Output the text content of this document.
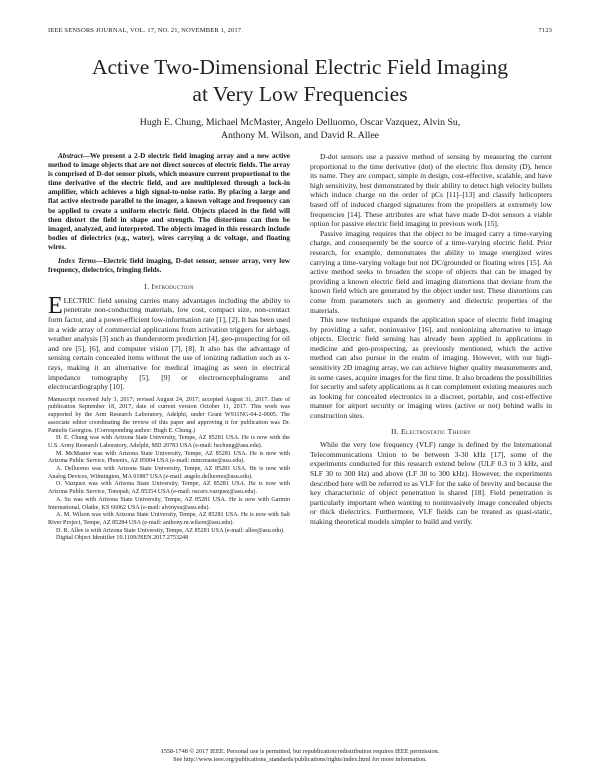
IEEE SENSORS JOURNAL, VOL. 17, NO. 21, NOVEMBER 1, 2017	7123
Active Two-Dimensional Electric Field Imaging
at Very Low Frequencies
Hugh E. Chung, Michael McMaster, Angelo Delluomo, Oscar Vazquez, Alvin Su,
Anthony M. Wilson, and David R. Allee

Abstract—We present a 2-D electric field imaging array and a new active method to image objects that are not direct sources of electric fields. The array is comprised of D-dot sensor pixels, which measure current proportional to the time derivative of the electric field, and are multiplexed through a lock-in amplifier, which achieves a high signal-to-noise ratio. By placing a large and flat active electrode parallel to the imager, a known voltage and frequency can be applied to create a uniform electric field. Objects placed in the field will then distort the field in shape and strength. The distortions can then be imaged, analyzed, and interpreted. The objects imaged in this research include bodies of dielectrics (e.g., water), wires carrying a dc voltage, and floating wires.

Index Terms—Electric field imaging, D-dot sensor, sensor array, very low frequency, dielectrics, fringing fields.

I. Introduction

ELECTRIC field sensing carries many advantages including the ability to penetrate non-conducting materials, low cost, compact size, non-contact form factor, and a power-efficient low-information rate [1], [2]. It has been used in a wide array of commercial applications from activation triggers for airbags, weather analysis [3] such as thunderstorm prediction [4], geo-prospecting for oil and ore [5], [6], and computer vision [7], [8]. It also has the advantage of sensing certain concealed items without the use of ionizing radiation such as x-rays, making it an alternative for medical imaging as seen in electrical impedance tomography [5], [9] or electroencephalograms and electrocardiography [10].

Manuscript received July 3, 2017; revised August 24, 2017; accepted August 31, 2017. Date of publication September 18, 2017; date of current version October 11, 2017. This work was supported by the Arm Research Laboratory, Adelphi, under Grant W911NG-04-2-0005. The associate editor coordinating the review of this paper and approving it for publication was Dr. Pantelis Georgiou. (Corresponding author: Hugh E. Chung.)

H. E. Chung was with Arizona State University, Tempe, AZ 85281 USA. He is now with the U.S. Army Research Laboratory, Adelphi, MD 20783 USA (e-mail: hechung@asu.edu).

M. McMaster was with Arizona State University, Tempe, AZ 85281 USA. He is now with Arizona Public Service, Phoenix, AZ 85004 USA (e-mail: mmcmaste@asu.edu).

A. Delluomo was with Arizona State University, Tempe, AZ 85281 USA. He is now with Analog Devices, Wilmington, MA 01887 USA (e-mail: angelo.delluomo@asu.edu).

O. Vazquez was with Arizona State University, Tempe, AZ 85281 USA. He is now with Arizona Public Service, Tonopah, AZ 85354 USA (e-mail: oscarx.vazquez@asu.edu).

A. Su was with Arizona State University, Tempe, AZ 85281 USA. He is now with Garmin International, Olathe, KS 66062 USA (e-mail: alvinysu@asu.edu).

A. M. Wilson was with Arizona State University, Tempe, AZ 85281 USA. He is now with Salt River Project, Tempe, AZ 85284 USA (e-mail: anthony.m.wilson@asu.edu).

D. R. Allee is with Arizona State University, Tempe, AZ 85281 USA (e-mail: allee@asu.edu).

Digital Object Identifier 10.1109/JSEN.2017.2753248

D-dot sensors use a passive method of sensing by measuring the current proportional to the time derivative (dot) of the electric flux density (D), hence its name. They are compact, simple in design, cost-effective, scalable, and have high sensitivity, best demonstrated by their ability to detect high velocity bullets which induce charge on the order of pCs [11]–[13] and classify helicopters based off of induced charged signatures from the propellers at extremely low frequencies [14]. These attributes are what have made D-dot sensors a viable option for passive electric field imaging in previous work [15].

Passive imaging requires that the object to be imaged carry a time-varying charge, and consequently be the source of a time-varying electric field. Prior research, for example, demonstrates the ability to image energized wires carrying a time-varying voltage but not DC/grounded or floating wires [15]. An active method seeks to broaden the scope of objects that can be imaged by providing a known electric field and imaging distortions that deviate from the known field which are generated by the object under test. These distortions can come from parameters such as geometry and dielectric properties of the materials.

This new technique expands the application space of electric field imaging by providing a safer, noninvasive [16], and nonionizing alternative to image objects. Electric field sensing has already been applied in applications in medicine and geo-prospecting, as previously mentioned, which the active method can also pursue in the realm of imaging. However, with our high-sensitivity 2D imaging array, we can achieve higher quality measurements and, in some cases, acquire images for the first time. It also broadens the possibilities for security and safety applications as it can complement existing measures such as looking for concealed electronics in a discreet, portable, and cost-effective manner for airport security or imaging wires (active or not) behind walls in construction sites.

II. Electrostatic Theory

While the very low frequency (VLF) range is defined by the International Telecommunications Union to be between 3-30 kHz [17], some of the experiments conducted for this research extend below (ULF 0.3 to 3 kHz, and SLF 30 to 300 Hz) and above (LF 30 to 300 kHz). However, the experiments described here will be referred to as VLF for the sake of brevity and because the key characteristic of object penetration is shared [18]. Field penetration is particularly important when wanting to noninvasively image concealed objects or thick dielectrics. Furthermore, VLF fields can be treated as quasi-static, making theoretical models simpler to build and verify.

1558-1748 © 2017 IEEE. Personal use is permitted, but republication/redistribution requires IEEE permission.
See http://www.ieee.org/publications_standards/publications/rights/index.html for more information.
